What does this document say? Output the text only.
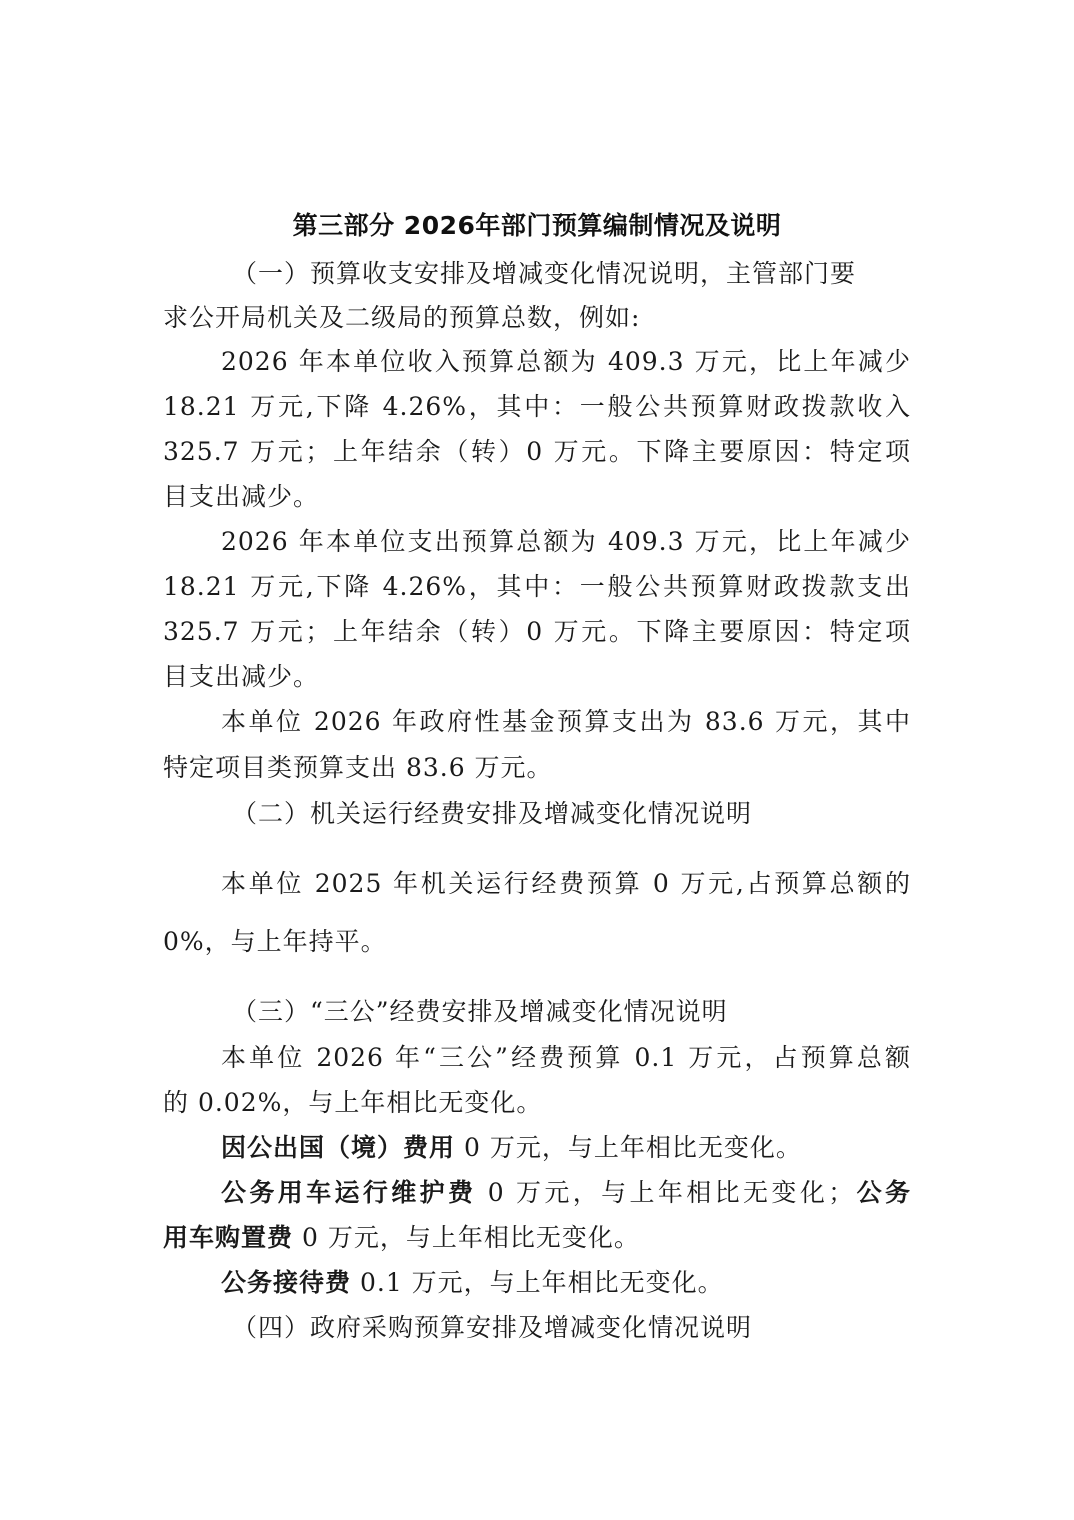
第三部分 2026年部门预算编制情况及说明
（一）预算收支安排及增减变化情况说明，主管部门要
求公开局机关及二级局的预算总数，例如:
2026 年本单位收入预算总额为 409.3 万元，比上年减少
18.21 万元,下降 4.26%，其中：一般公共预算财政拨款收入
325.7 万元；上年结余（转）0 万元。下降主要原因：特定项
目支出减少。
2026 年本单位支出预算总额为 409.3 万元，比上年减少
18.21 万元,下降 4.26%，其中：一般公共预算财政拨款支出
325.7 万元；上年结余（转）0 万元。下降主要原因：特定项
目支出减少。
本单位 2026 年政府性基金预算支出为 83.6 万元，其中
特定项目类预算支出 83.6 万元。
（二）机关运行经费安排及增减变化情况说明
本单位 2025 年机关运行经费预算 0 万元,占预算总额的
0%，与上年持平。
（三）“三公”经费安排及增减变化情况说明
本单位 2026 年“三公”经费预算 0.1 万元，占预算总额
的 0.02%，与上年相比无变化。
因公出国（境）费用 0 万元，与上年相比无变化。
公务用车运行维护费 0 万元，与上年相比无变化；公务
用车购置费 0 万元，与上年相比无变化。
公务接待费 0.1 万元，与上年相比无变化。
（四）政府采购预算安排及增减变化情况说明
